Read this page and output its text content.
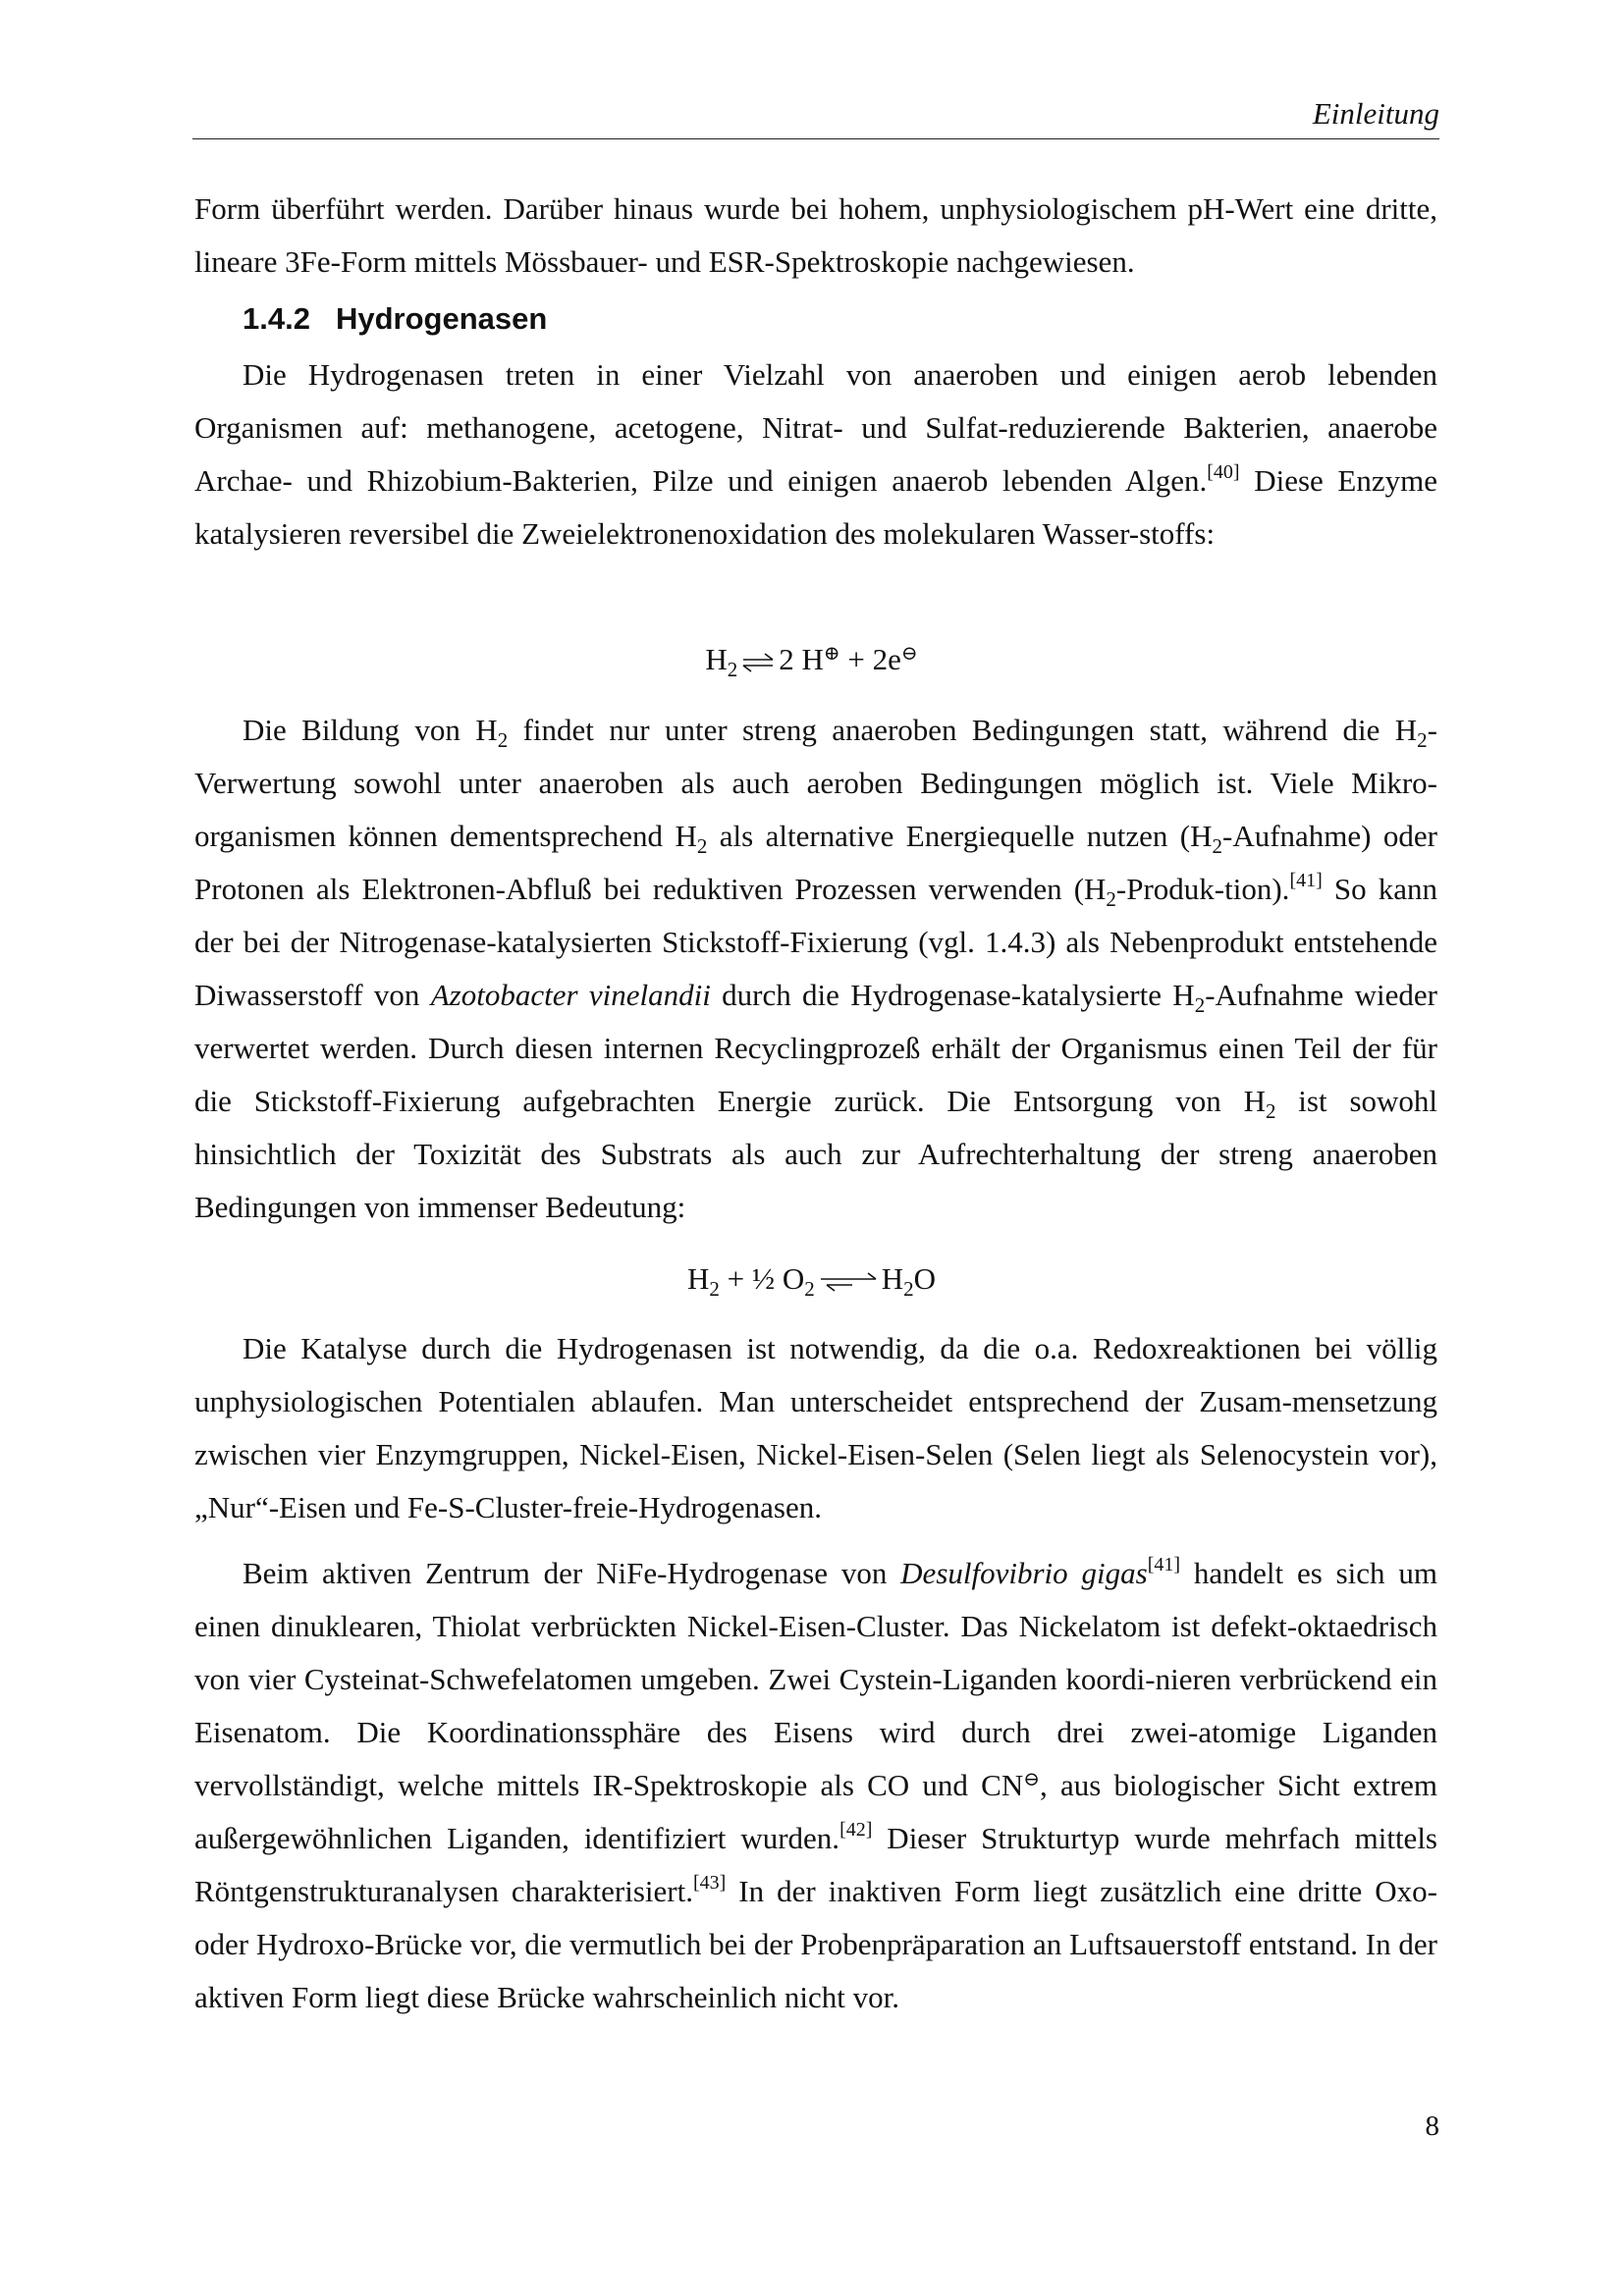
Einleitung

Form überführt werden. Darüber hinaus wurde bei hohem, unphysiologischem pH-Wert eine dritte, lineare 3Fe-Form mittels Mössbauer- und ESR-Spektroskopie nachgewiesen.

1.4.2 Hydrogenasen

Die Hydrogenasen treten in einer Vielzahl von anaeroben und einigen aerob lebenden Organismen auf: methanogene, acetogene, Nitrat- und Sulfat-reduzierende Bakterien, anaerobe Archae- und Rhizobium-Bakterien, Pilze und einigen anaerob lebenden Algen.[40] Diese Enzyme katalysieren reversibel die Zweielektronenoxidation des molekularen Wasser-stoffs:

$H_2$ ⇌ 2 H⊕ + 2e⊖

Die Bildung von $H_2$ findet nur unter streng anaeroben Bedingungen statt, während die $H_2$-Verwertung sowohl unter anaeroben als auch aeroben Bedingungen möglich ist. Viele Mikro-organismen können dementsprechend $H_2$ als alternative Energiequelle nutzen $(H_2-Aufnahme)$ oder Protonen als Elektronen-Abfluß bei reduktiven Prozessen verwenden $(H_2-Produk-tion).[41]$ So kann der bei der Nitrogenase-katalysierten Stickstoff-Fixierung (vgl. 1.4.3) als Nebenprodukt entstehende Diwasserstoff von Azotobacter vinelandii durch die Hydrogenase-katalysierte $H_2$-Aufnahme wieder verwertet werden. Durch diesen internen Recyclingprozeß erhält der Organismus einen Teil der für die Stickstoff-Fixierung aufgebrachten Energie zurück. Die Entsorgung von $H_2$ ist sowohl hinsichtlich der Toxizität des Substrats als auch zur Aufrechterhaltung der streng anaeroben Bedingungen von immenser Bedeutung:

$H_2$ + ½ $O_2$ $H_2O$

Die Katalyse durch die Hydrogenasen ist notwendig, da die o.a. Redoxreaktionen bei völlig unphysiologischen Potentialen ablaufen. Man unterscheidet entsprechend der Zusam-mensetzung zwischen vier Enzymgruppen, Nickel-Eisen, Nickel-Eisen-Selen (Selen liegt als Selenocystein vor), „Nur“-Eisen und Fe-S-Cluster-freie-Hydrogenasen.

Beim aktiven Zentrum der NiFe-Hydrogenase von Desulfovibrio gigas[41] handelt es sich um einen dinuklearen, Thiolat verbrückten Nickel-Eisen-Cluster. Das Nickelatom ist defekt-oktaedrisch von vier Cysteinat-Schwefelatomen umgeben. Zwei Cystein-Liganden koordi-nieren verbrückend ein Eisenatom. Die Koordinationssphäre des Eisens wird durch drei zwei-atomige Liganden vervollständigt, welche mittels IR-Spektroskopie als CO und CN⊖, aus biologischer Sicht extrem außergewöhnlichen Liganden, identifiziert wurden.[42] Dieser Strukturtyp wurde mehrfach mittels Röntgenstrukturanalysen charakterisiert.[43] In der inaktiven Form liegt zusätzlich eine dritte Oxo- oder Hydroxo-Brücke vor, die vermutlich bei der Probenpräparation an Luftsauerstoff entstand. In der aktiven Form liegt diese Brücke wahrscheinlich nicht vor.

8
